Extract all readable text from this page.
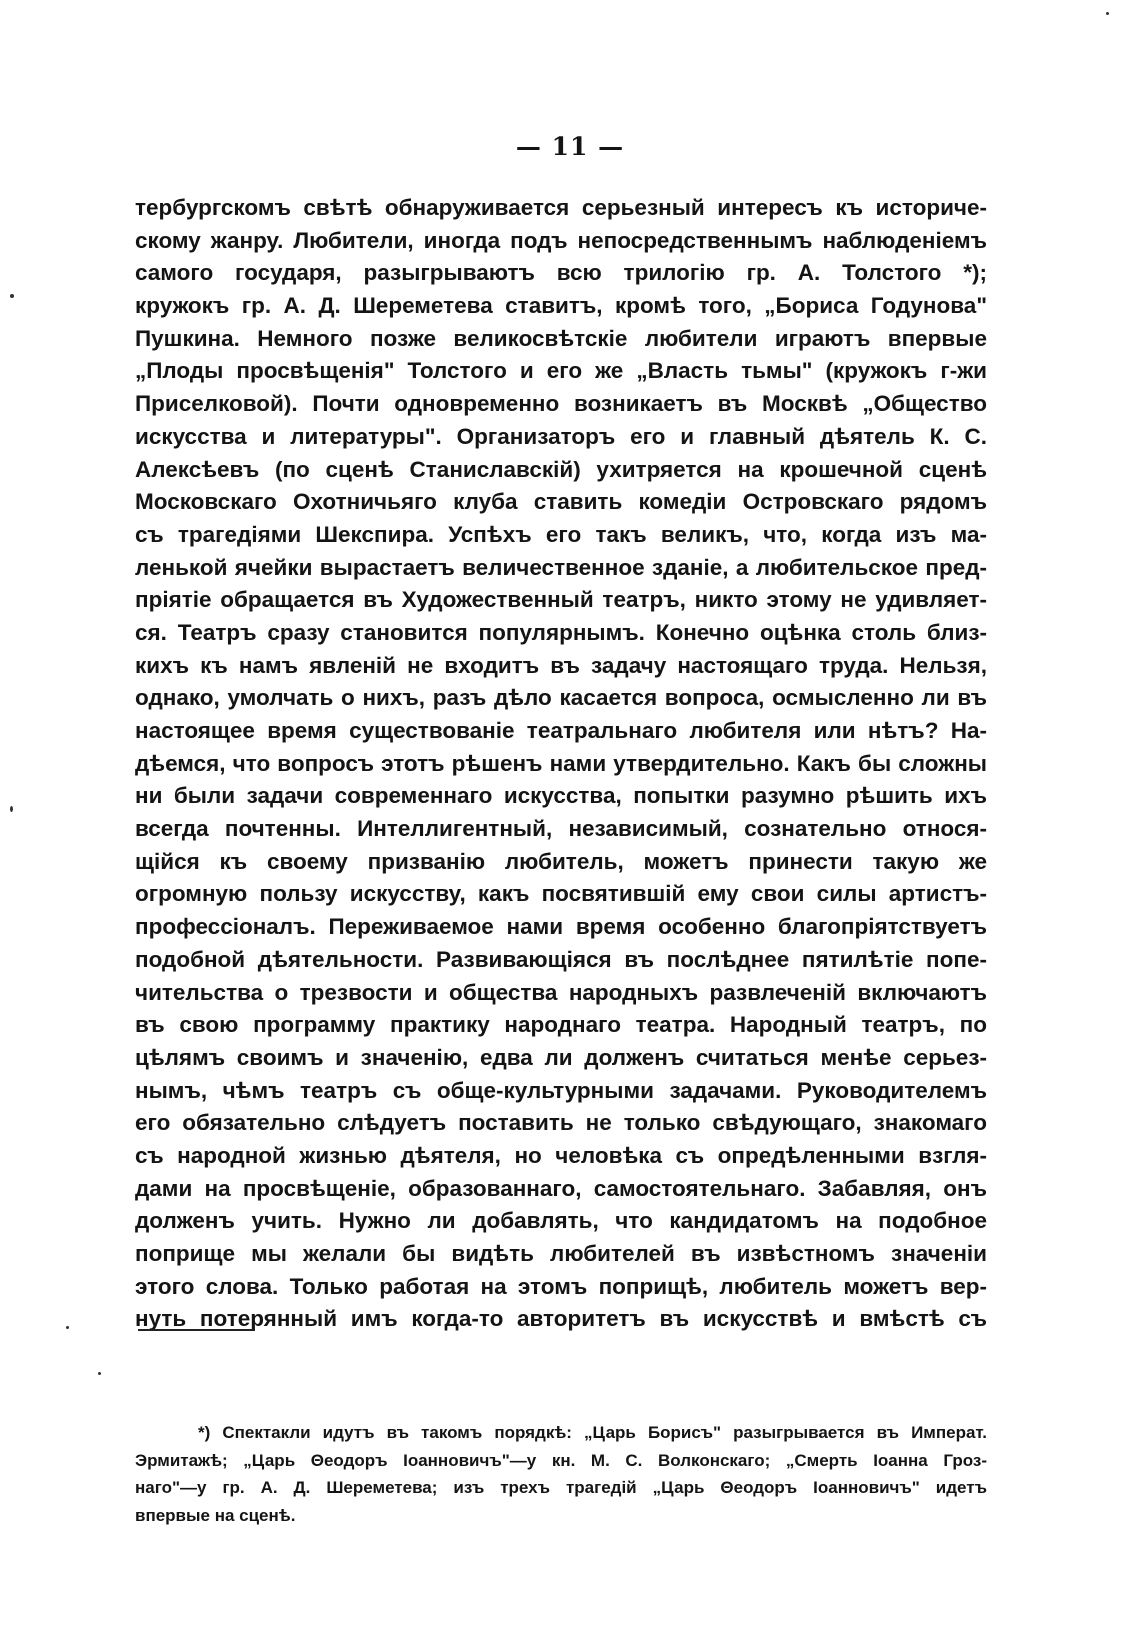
— 11 —

тербургскомъ свѣтѣ обнаруживается серьезный интересъ къ историче-
скому жанру. Любители, иногда подъ непосредственнымъ наблюденіемъ
самого государя, разыгрываютъ всю трилогію гр. А. Толстого *);
кружокъ гр. А. Д. Шереметева ставитъ, кромѣ того, „Бориса Годунова"
Пушкина. Немного позже великосвѣтскіе любители играютъ впервые
„Плоды просвѣщенія" Толстого и его же „Власть тьмы" (кружокъ г-жи
Приселковой). Почти одновременно возникаетъ въ Москвѣ „Общество
искусства и литературы". Организаторъ его и главный дѣятель К. С.
Алексѣевъ (по сценѣ Станиславскій) ухитряется на крошечной сценѣ
Московскаго Охотничьяго клуба ставить комедіи Островскаго рядомъ
съ трагедіями Шекспира. Успѣхъ его такъ великъ, что, когда изъ ма-
ленькой ячейки вырастаетъ величественное зданіе, а любительское пред-
пріятіе обращается въ Художественный театръ, никто этому не удивляет-
ся. Театръ сразу становится популярнымъ. Конечно оцѣнка столь близ-
кихъ къ намъ явленій не входитъ въ задачу настоящаго труда. Нельзя,
однако, умолчать о нихъ, разъ дѣло касается вопроса, осмысленно ли въ
настоящее время существованіе театральнаго любителя или нѣтъ? На-
дѣемся, что вопросъ этотъ рѣшенъ нами утвердительно. Какъ бы сложны
ни были задачи современнаго искусства, попытки разумно рѣшить ихъ
всегда почтенны. Интеллигентный, независимый, сознательно относя-
щійся къ своему призванію любитель, можетъ принести такую же
огромную пользу искусству, какъ посвятившій ему свои силы артистъ-
профессіоналъ. Переживаемое нами время особенно благопріятствуетъ
подобной дѣятельности. Развивающіяся въ послѣднее пятилѣтіе попе-
чительства о трезвости и общества народныхъ развлеченій включаютъ
въ свою программу практику народнаго театра. Народный театръ, по
цѣлямъ своимъ и значенію, едва ли долженъ считаться менѣе серьез-
нымъ, чѣмъ театръ съ обще-культурными задачами. Руководителемъ
его обязательно слѣдуетъ поставить не только свѣдующаго, знакомаго
съ народной жизнью дѣятеля, но человѣка съ опредѣленными взгля-
дами на просвѣщеніе, образованнаго, самостоятельнаго. Забавляя, онъ
долженъ учить. Нужно ли добавлять, что кандидатомъ на подобное
поприще мы желали бы видѣть любителей въ извѣстномъ значеніи
этого слова. Только работая на этомъ поприщѣ, любитель можетъ вер-
нуть потерянный имъ когда-то авторитетъ въ искусствѣ и вмѣстѣ съ
*) Спектакли идутъ въ такомъ порядкѣ: „Царь Борисъ" разыгрывается въ Императ.
Эрмитажѣ; „Царь Θеодоръ Іоанновичъ"—у кн. М. С. Волконскаго; „Смерть Іоанна Гроз-
наго"—у гр. А. Д. Шереметева; изъ трехъ трагедій „Царь Θеодоръ Іоанновичъ" идетъ
впервые на сценѣ.
